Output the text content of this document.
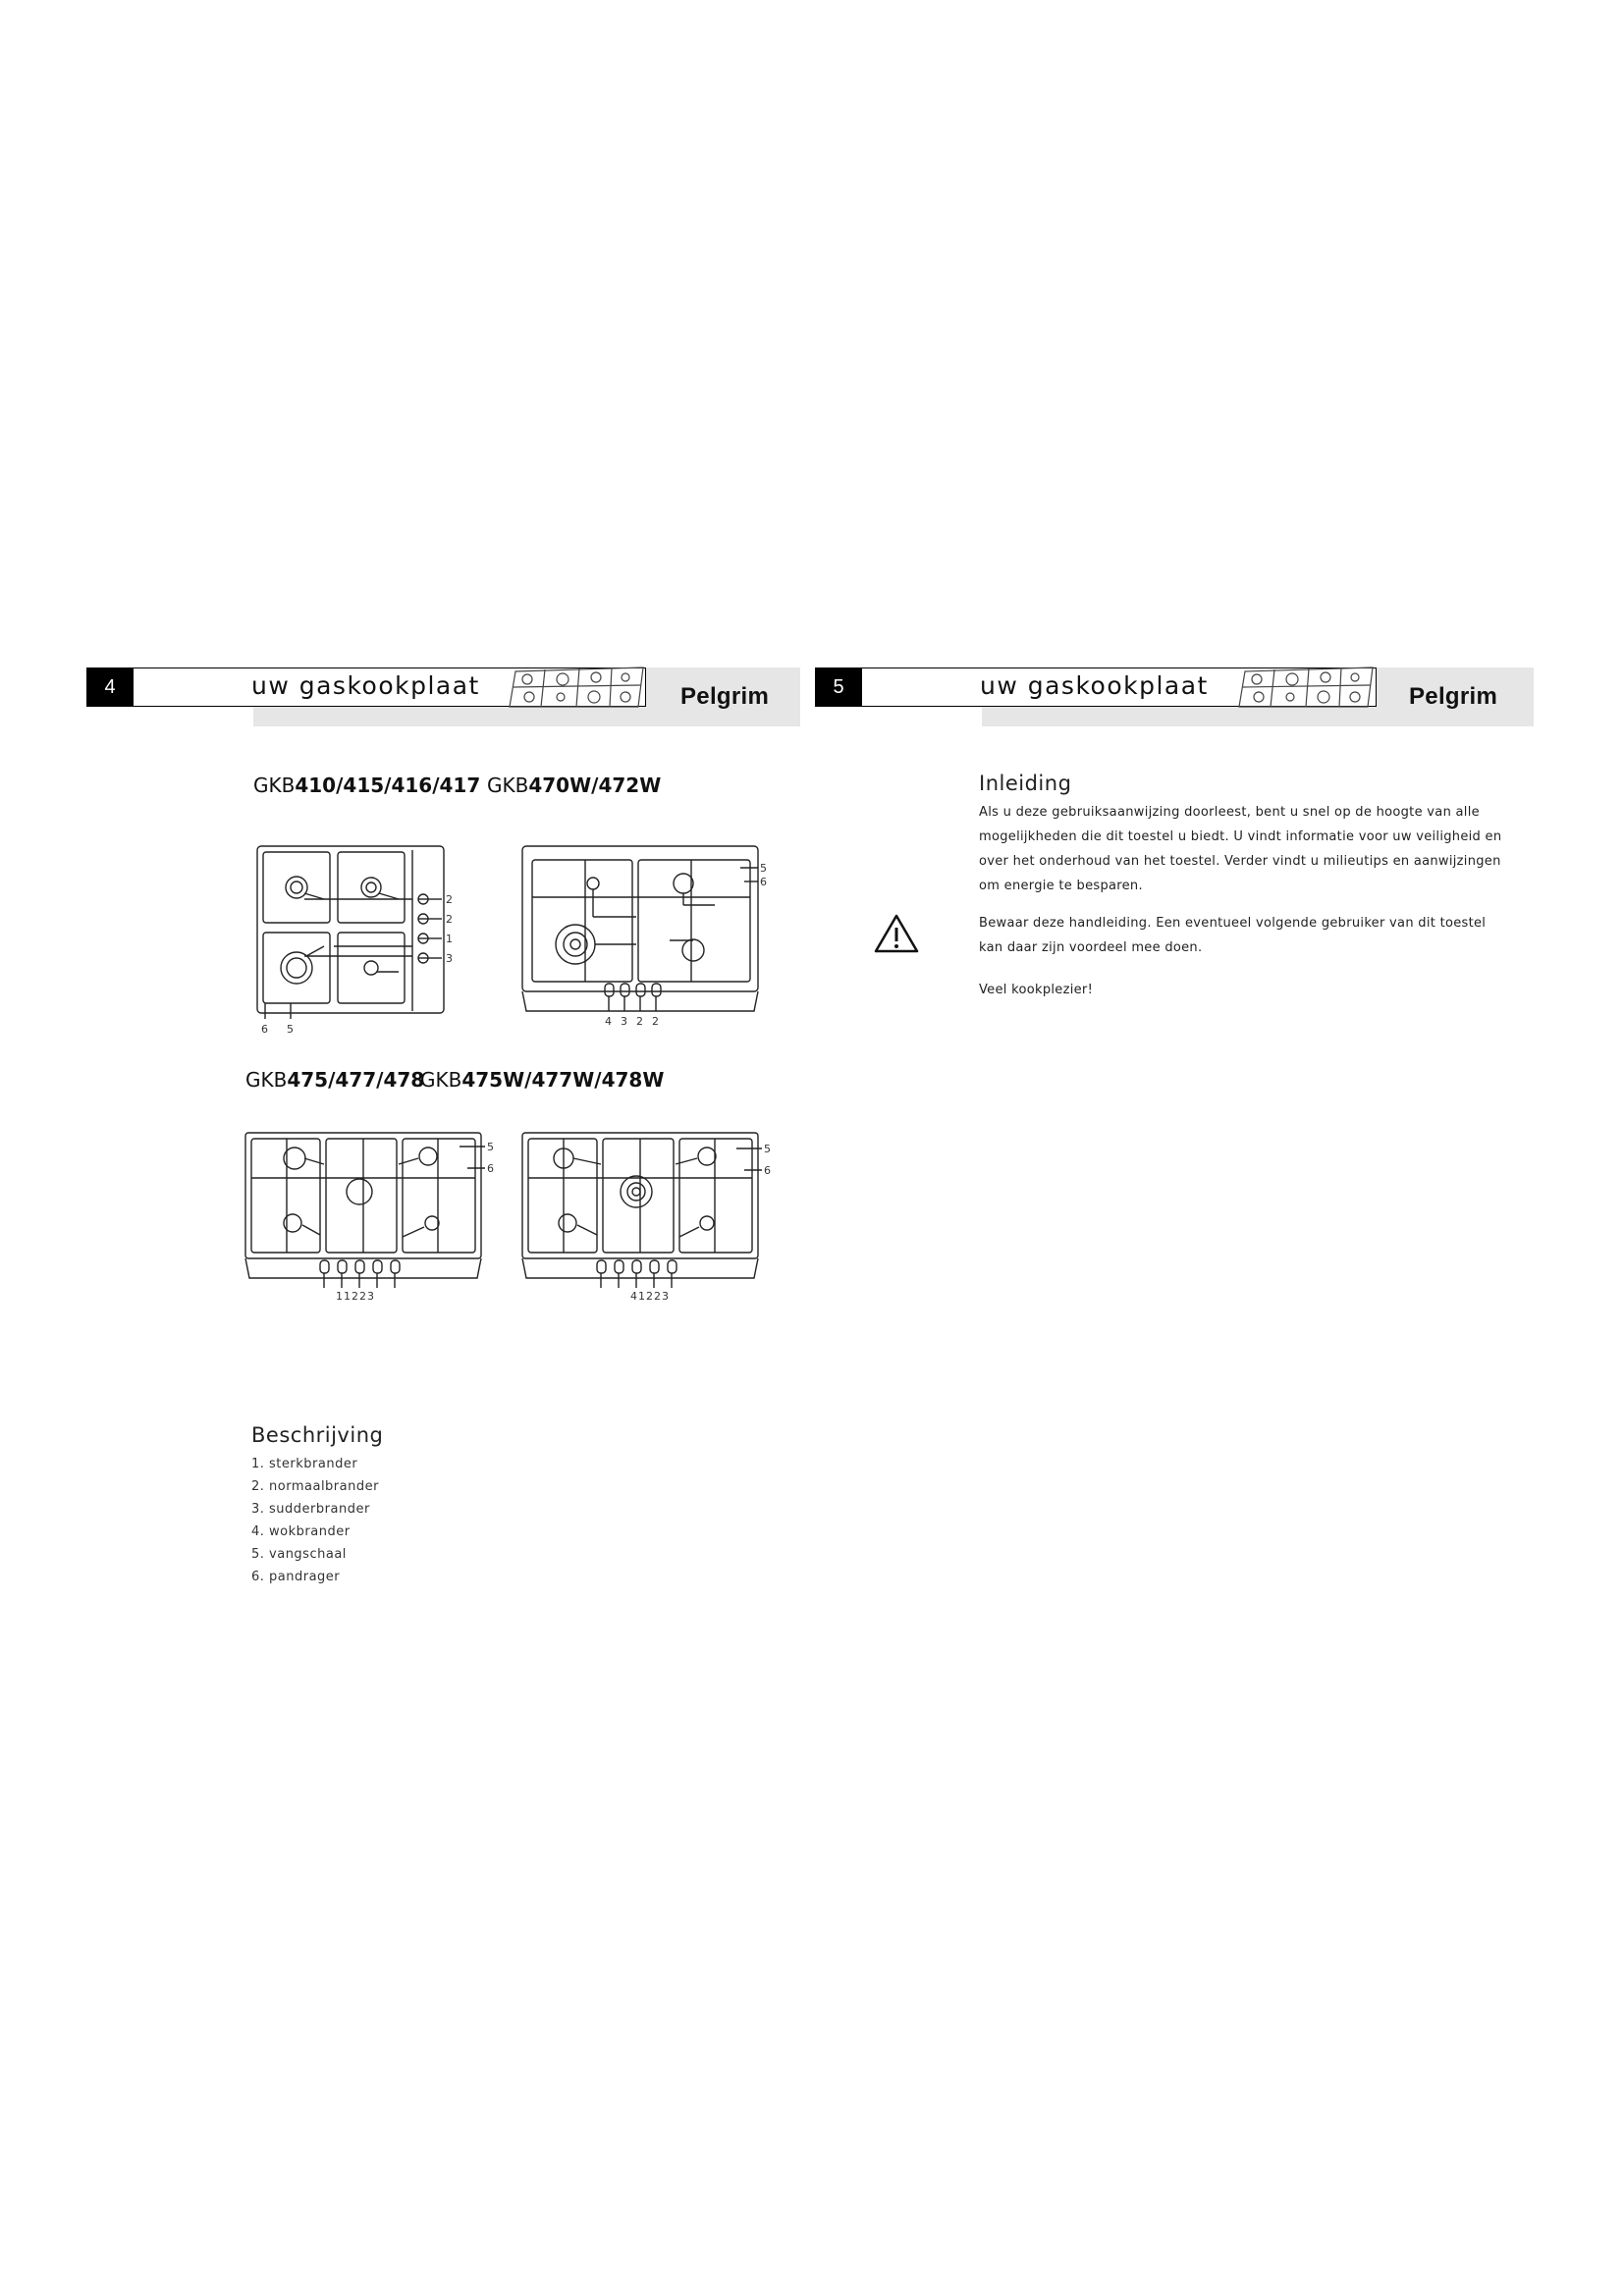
4	uw gaskookplaat	Pelgrim	5	uw gaskookplaat	Pelgrim
GKB410/415/416/417 GKB470W/472W
2
2
1
3
6 5
5
6
4 3 2 2
GKB475/477/478
GKB475W/477W/478W
5
6
11223
5
6
41223
Beschrijving
1. sterkbrander
2. normaalbrander
3. sudderbrander
4. wokbrander
5. vangschaal
6. pandrager
Inleiding
Als u deze gebruiksaanwijzing doorleest, bent u snel op de hoogte van alle
mogelijkheden die dit toestel u biedt. U vindt informatie voor uw veiligheid en
over het onderhoud van het toestel. Verder vindt u milieutips en aanwijzingen
om energie te besparen.
Bewaar deze handleiding. Een eventueel volgende gebruiker van dit toestel
kan daar zijn voordeel mee doen.
Veel kookplezier!
